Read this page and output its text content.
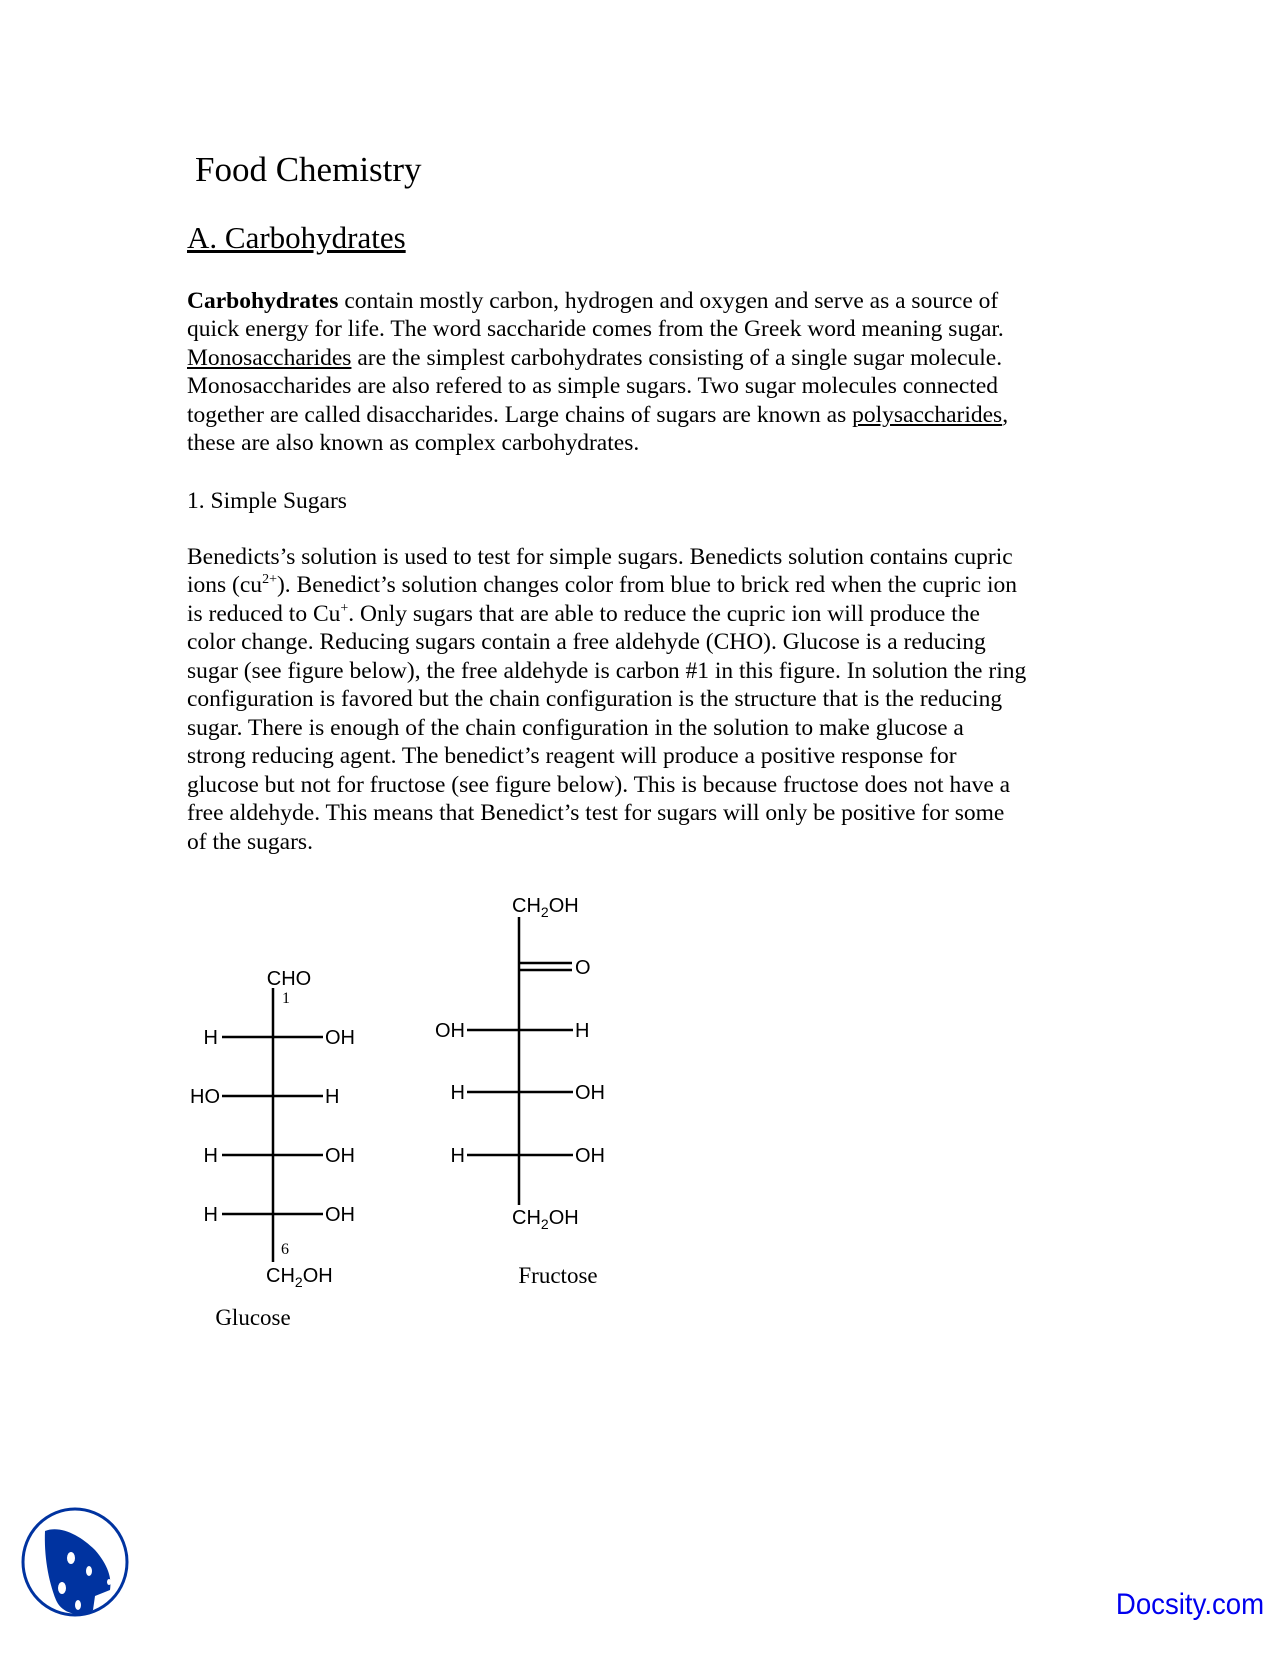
Food Chemistry
A. Carbohydrates
Carbohydrates contain mostly carbon, hydrogen and oxygen and serve as a source of
quick energy for life. The word saccharide comes from the Greek word meaning sugar.
Monosaccharides are the simplest carbohydrates consisting of a single sugar molecule.
Monosaccharides are also refered to as simple sugars. Two sugar molecules connected
together are called disaccharides. Large chains of sugars are known as polysaccharides,
these are also known as complex carbohydrates.
1. Simple Sugars
Benedicts’s solution is used to test for simple sugars. Benedicts solution contains cupric
ions $(cu^{2+})$. Benedict’s solution changes color from blue to brick red when the cupric ion
is reduced to Cu+. Only sugars that are able to reduce the cupric ion will produce the
color change. Reducing sugars contain a free aldehyde (CHO). Glucose is a reducing
sugar (see figure below), the free aldehyde is carbon #1 in this figure. In solution the ring
configuration is favored but the chain configuration is the structure that is the reducing
sugar. There is enough of the chain configuration in the solution to make glucose a
strong reducing agent. The benedict’s reagent will produce a positive response for
glucose but not for fructose (see figure below). This is because fructose does not have a
free aldehyde. This means that Benedict’s test for sugars will only be positive for some
of the sugars.
CHO
1
H	OH
HO	H
H	OH
H	OH
6
$CH_2OH$
Glucose
$CH_2OH$
O
OH	H
H	OH
H	OH
$CH_2OH$
Fructose
Docsity.com
